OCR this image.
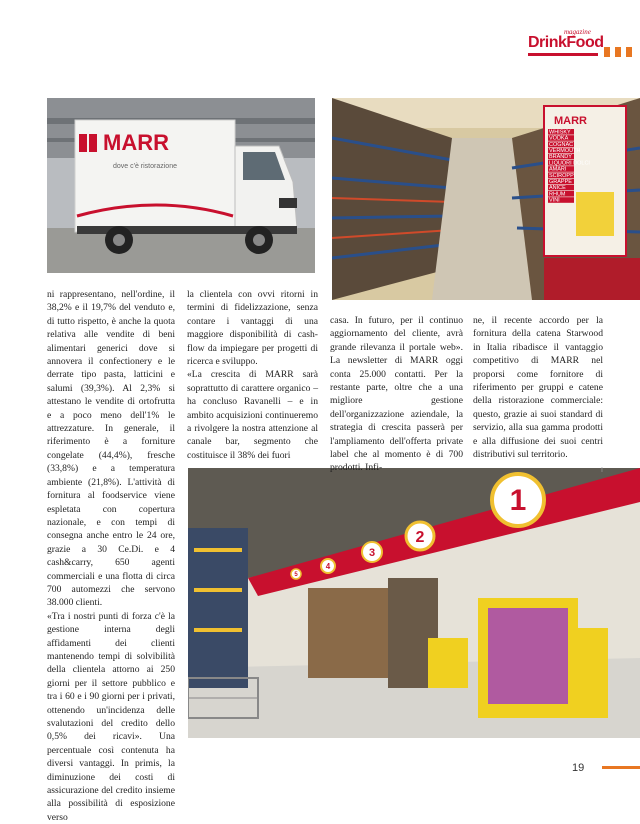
DrinkFood
magazine
MARR
dove c'è ristorazione
MARR
WHISKY
VODKA
COGNAC
VERMOUTH
BRANDY
LIQUORI DOLCI
AMARI
SCIROPPI
GRAPPE
ANICE
RHUM
VINI
1
2
3
4
5

ni rappresentano, nell'ordine, il 38,2% e il 19,7% del venduto e, di tutto rispetto, è anche la quota relativa alle vendite di beni alimentari generici dove si annovera il confectionery e le derrate tipo pasta, latticini e salumi (39,3%). Al 2,3% si attestano le vendite di ortofrutta e a poco meno dell'1% le attrezzature. In generale, il riferimento è a forniture congelate (44,4%), fresche (33,8%) e a temperatura ambiente (21,8%). L'attività di fornitura al foodservice viene espletata con copertura nazionale, e con tempi di consegna anche entro le 24 ore, grazie a 30 Ce.Di. e 4 cash&carry, 650 agenti commerciali e una flotta di circa 700 automezzi che servono 38.000 clienti.

«Tra i nostri punti di forza c'è la gestione interna degli affidamenti dei clienti mantenendo tempi di solvibilità della clientela attorno ai 250 giorni per il settore pubblico e tra i 60 e i 90 giorni per i privati, ottenendo un'incidenza delle svalutazioni del credito dello 0,5% dei ricavi». Una percentuale così contenuta ha diversi vantaggi. In primis, la diminuzione dei costi di assicurazione del credito insieme alla possibilità di esposizione verso

la clientela con ovvi ritorni in termini di fidelizzazione, senza contare i vantaggi di una maggiore disponibilità di cash-flow da impiegare per progetti di ricerca e sviluppo.

«La crescita di MARR sarà soprattutto di carattere organico – ha concluso Ravanelli – e in ambito acquisizioni continueremo a rivolgere la nostra attenzione al canale bar, segmento che costituisce il 38% dei fuori

casa. In futuro, per il continuo aggiornamento del cliente, avrà grande rilevanza il portale web». La newsletter di MARR oggi conta 25.000 contatti. Per la restante parte, oltre che a una migliore gestione dell'organizzazione aziendale, la strategia di crescita passerà per l'ampliamento dell'offerta private label che al momento è di 700 prodotti. Infi-

ne, il recente accordo per la fornitura della catena Starwood in Italia ribadisce il vantaggio competitivo di MARR nel proporsi come fornitore di riferimento per gruppi e catene della ristorazione commerciale: questo, grazie ai suoi standard di servizio, alla sua gamma prodotti e alla diffusione dei suoi centri distributivi sul territorio.

I
19
